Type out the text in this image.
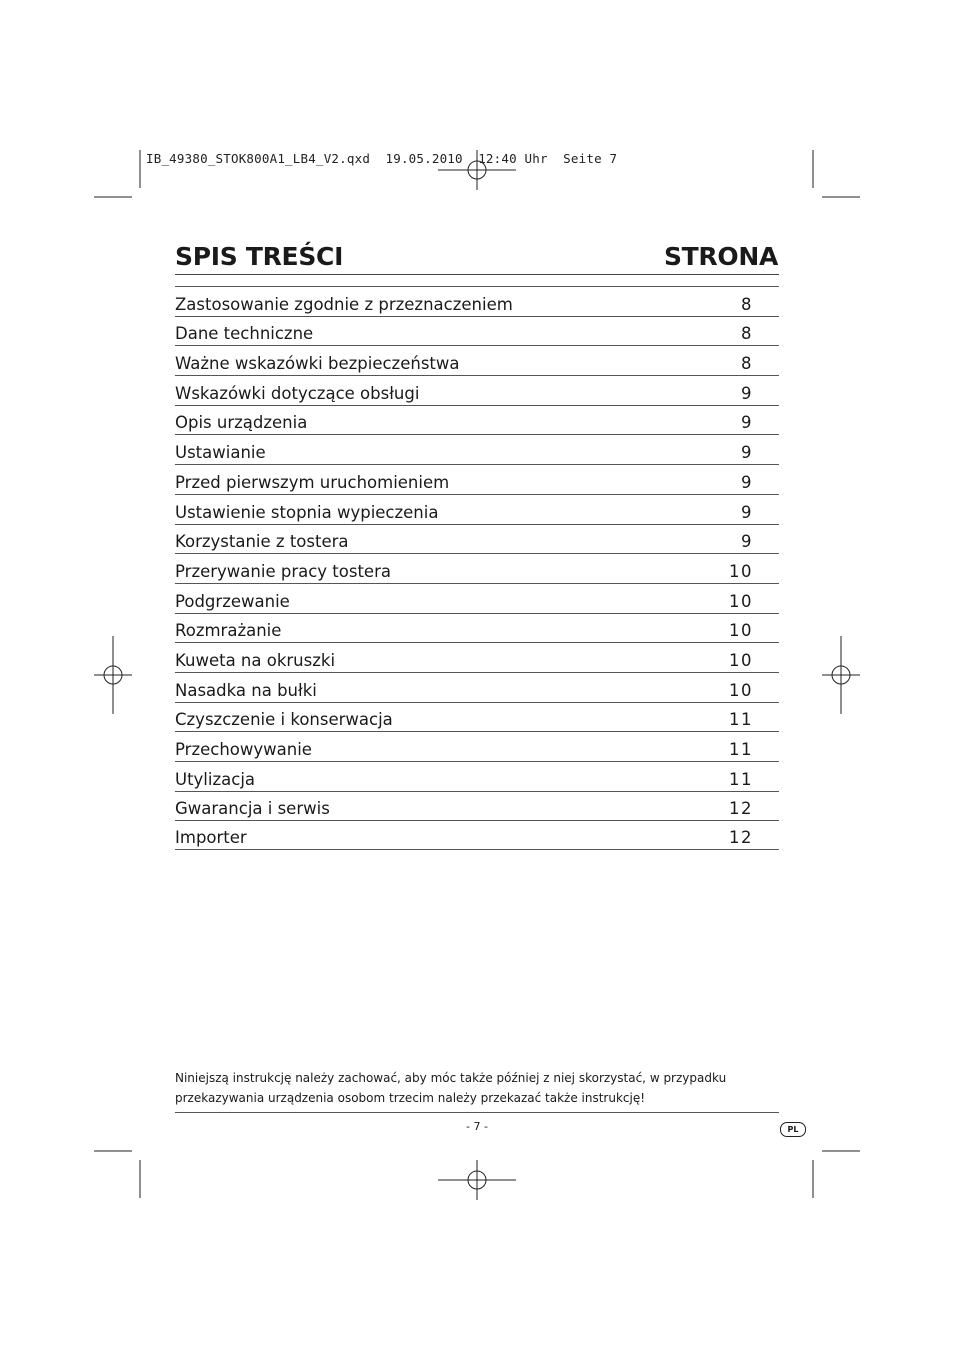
IB_49380_STOK800A1_LB4_V2.qxd  19.05.2010  12:40 Uhr  Seite 7
SPIS TREŚCI	STRONA
Zastosowanie zgodnie z przeznaczeniem	8
Dane techniczne	8
Ważne wskazówki bezpieczeństwa	8
Wskazówki dotyczące obsługi	9
Opis urządzenia	9
Ustawianie	9
Przed pierwszym uruchomieniem	9
Ustawienie stopnia wypieczenia	9
Korzystanie z tostera	9
Przerywanie pracy tostera	10
Podgrzewanie	10
Rozmrażanie	10
Kuweta na okruszki	10
Nasadka na bułki	10
Czyszczenie i konserwacja	11
Przechowywanie	11
Utylizacja	11
Gwarancja i serwis	12
Importer	12
Niniejszą instrukcję należy zachować, aby móc także później z niej skorzystać, w przypadku
przekazywania urządzenia osobom trzecim należy przekazać także instrukcję!
- 7 -	PL
